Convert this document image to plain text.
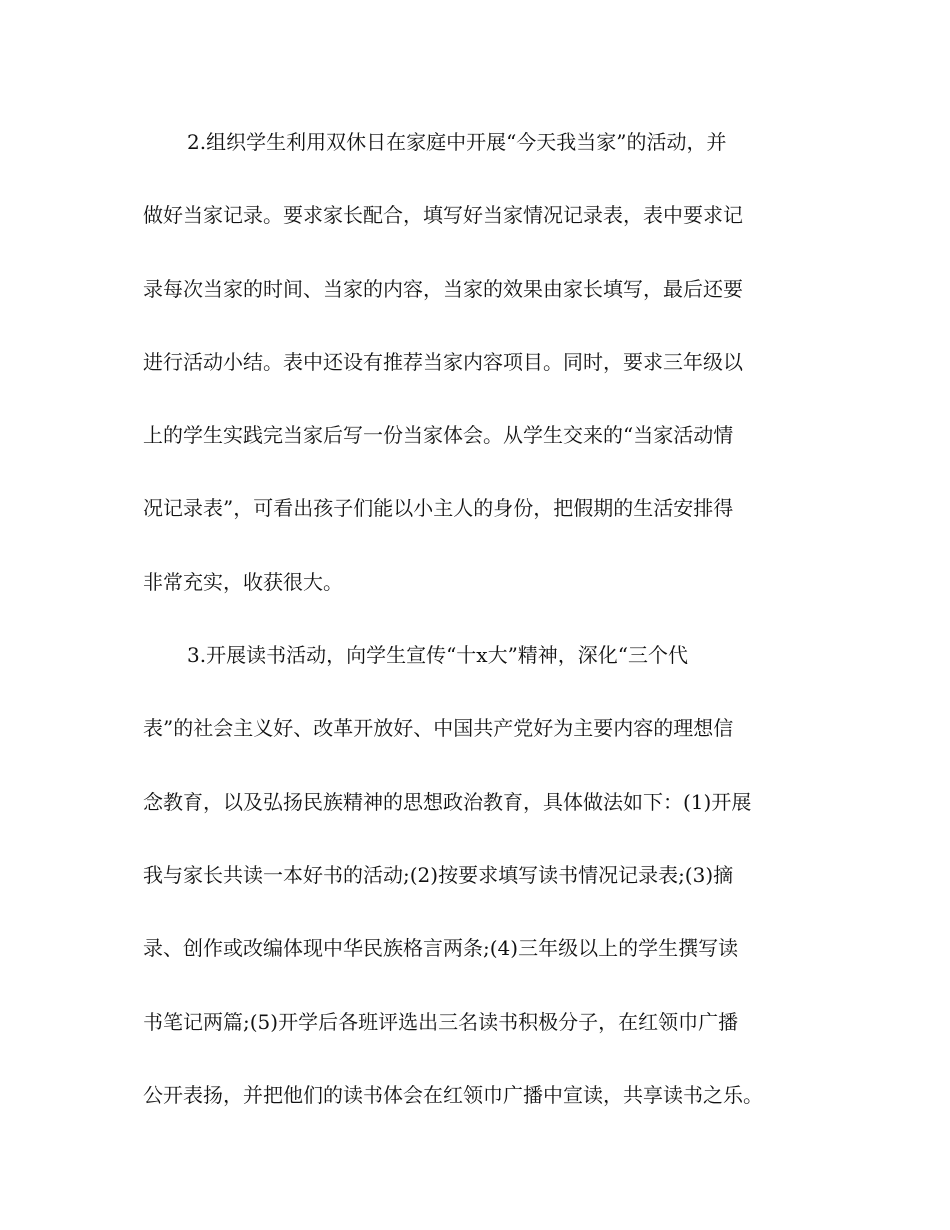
2.组织学生利用双休日在家庭中开展“今天我当家”的活动，并
做好当家记录。要求家长配合，填写好当家情况记录表，表中要求记
录每次当家的时间、当家的内容，当家的效果由家长填写，最后还要
进行活动小结。表中还设有推荐当家内容项目。同时，要求三年级以
上的学生实践完当家后写一份当家体会。从学生交来的“当家活动情
况记录表”，可看出孩子们能以小主人的身份，把假期的生活安排得
非常充实，收获很大。
3.开展读书活动，向学生宣传“十x大”精神，深化“三个代
表”的社会主义好、改革开放好、中国共产党好为主要内容的理想信
念教育，以及弘扬民族精神的思想政治教育，具体做法如下：(1)开展
我与家长共读一本好书的活动;(2)按要求填写读书情况记录表;(3)摘
录、创作或改编体现中华民族格言两条;(4)三年级以上的学生撰写读
书笔记两篇;(5)开学后各班评选出三名读书积极分子，在红领巾广播
公开表扬，并把他们的读书体会在红领巾广播中宣读，共享读书之乐。
